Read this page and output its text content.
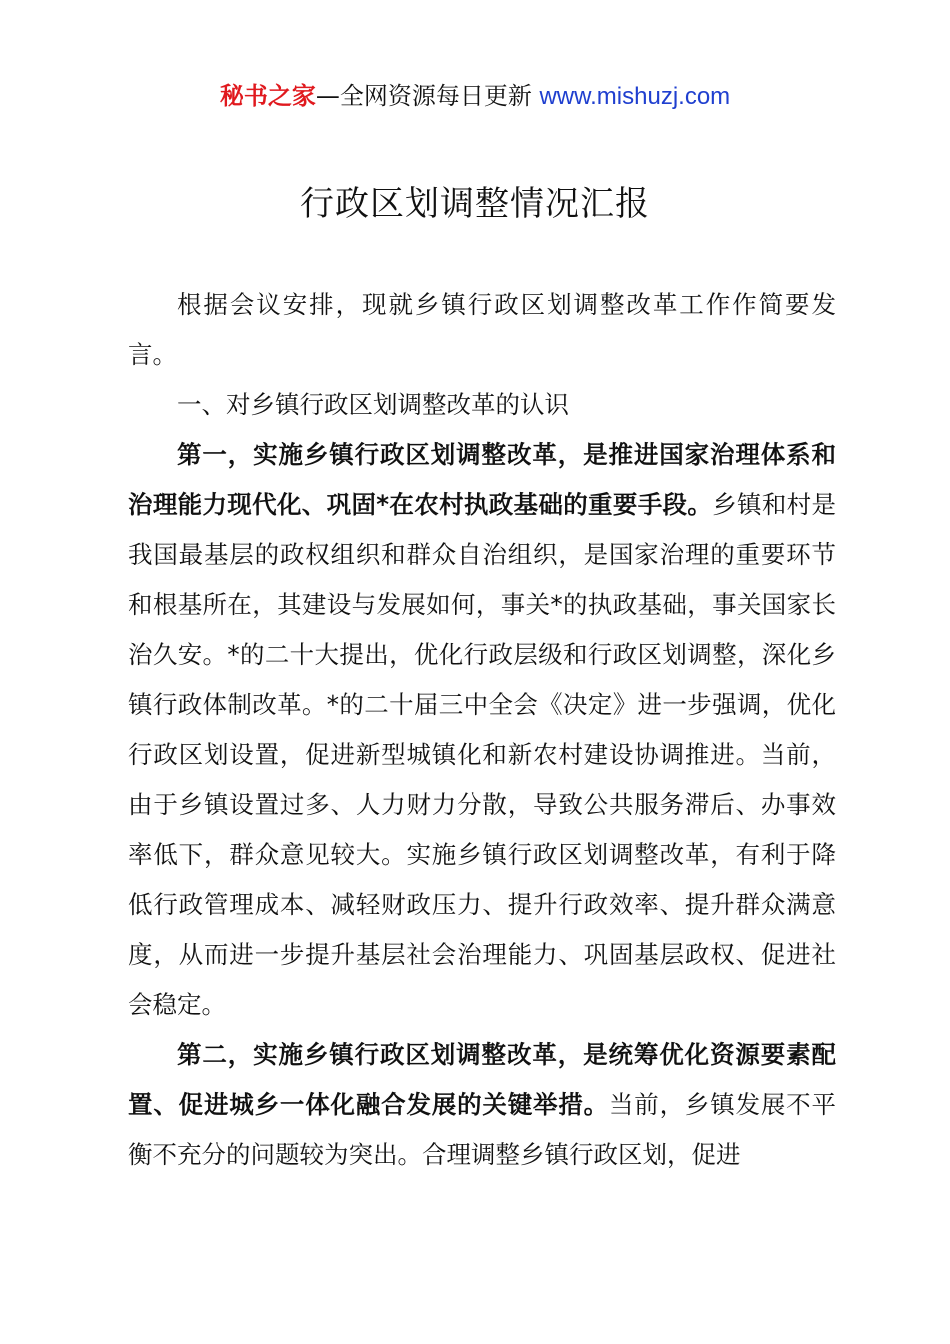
秘书之家—全网资源每日更新 www.mishuzj.com
行政区划调整情况汇报

根据会议安排，现就乡镇行政区划调整改革工作作简要发言。

一、对乡镇行政区划调整改革的认识

第一，实施乡镇行政区划调整改革，是推进国家治理体系和治理能力现代化、巩固*在农村执政基础的重要手段。乡镇和村是我国最基层的政权组织和群众自治组织，是国家治理的重要环节和根基所在，其建设与发展如何，事关*的执政基础，事关国家长治久安。*的二十大提出，优化行政层级和行政区划调整，深化乡镇行政体制改革。*的二十届三中全会《决定》进一步强调，优化行政区划设置，促进新型城镇化和新农村建设协调推进。当前，由于乡镇设置过多、人力财力分散，导致公共服务滞后、办事效率低下，群众意见较大。实施乡镇行政区划调整改革，有利于降低行政管理成本、减轻财政压力、提升行政效率、提升群众满意度，从而进一步提升基层社会治理能力、巩固基层政权、促进社会稳定。

第二，实施乡镇行政区划调整改革，是统筹优化资源要素配置、促进城乡一体化融合发展的关键举措。当前，乡镇发展不平衡不充分的问题较为突出。合理调整乡镇行政区划，促进
